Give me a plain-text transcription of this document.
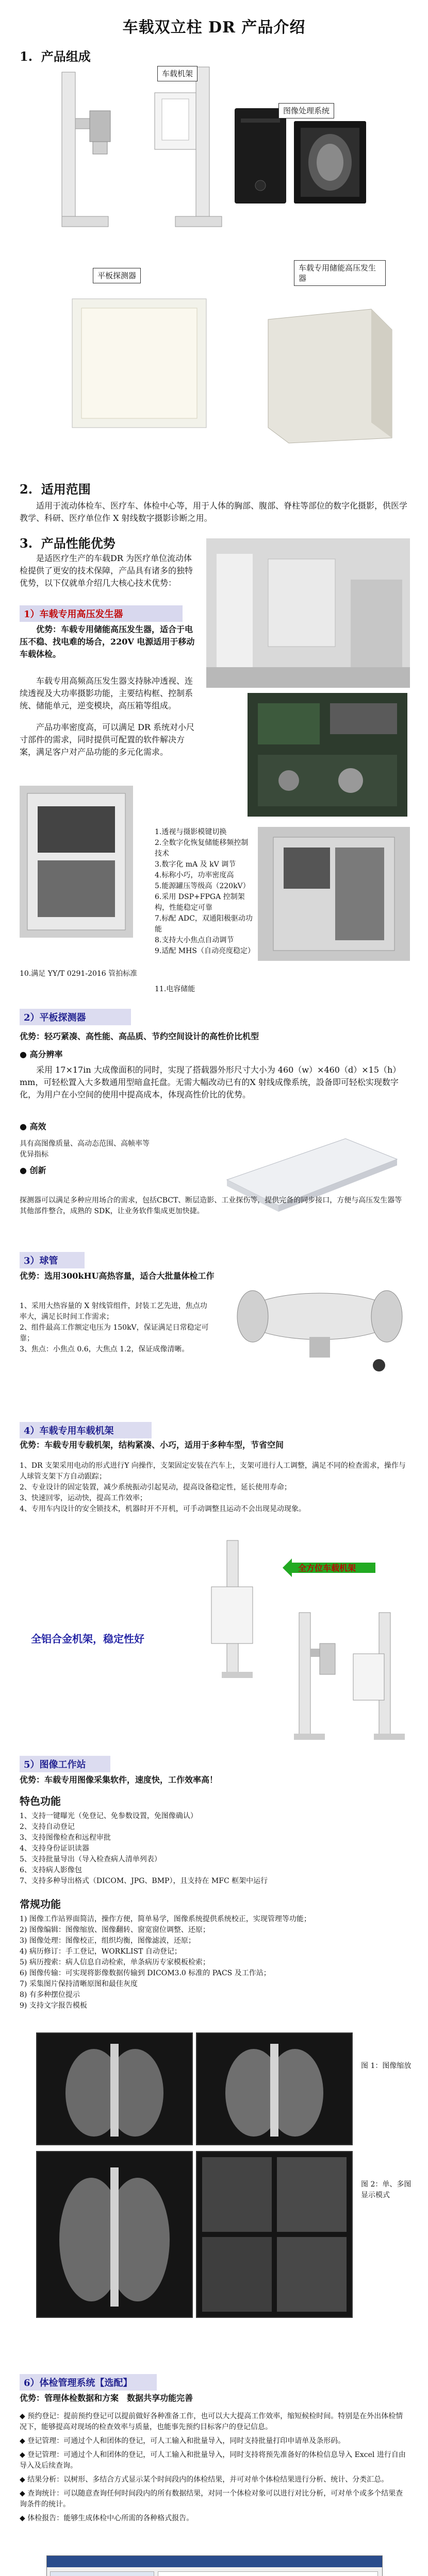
车载双立柱 DR 产品介绍
1. 产品组成
车载机架
图像处理系统
平板探测器
车载专用储能高压发生器
2. 适用范围
适用于流动体检车、医疗车、体检中心等，用于人体的胸部、腹部、脊柱等部位的数字化摄影，供医学教学、科研、医疗单位作 X 射线数字摄影诊断之用。
3. 产品性能优势
是适医疗生产的车载DR 为医疗单位流动体检提供了更安的技术保障，产品具有诸多的独特优势，以下仅就单介绍几大核心技术优势：
1）车载专用高压发生器
优势：车载专用储能高压发生器，适合于电压不稳、找电难的场合，220V 电源适用于移动车载体检。
车载专用高频高压发生器支持脉冲透视、连续透视及大功率摄影功能，主要结构框、控制系统、储能单元，逆变模块，高压箱等组成。
产品功率密度高，可以满足 DR 系统对小尺寸部件的需求，同时提供可配置的软件解决方案，满足客户对产品功能的多元化需求。
1.透视与摄影模键切换
2.全数字化恢复储能移频控制技术
3.数字化 mA 及 kV 调节
4.标称小巧，功率密度高
5.能源罐压等级高（220kV）
6.采用 DSP+FPGA 控制架构，性能稳定可靠
7.标配 ADC，双通阳极驱动功能
8.支持大小焦点自动调节
9.适配 MHS（自动亮度稳定）
10.满足 YY/T 0291-2016 管拍标准
11.电容储能
2）平板探测器
优势：轻巧紧凑、高性能、高品质、节约空间设计的高性价比机型
● 高分辨率
采用 17×17in 大成像面积的同时，实现了搭载器外形尺寸大小为 460（w）×460（d）×15（h）mm，可轻松置入大多数通用型暗盒托盘。无需大幅改动已有的X 射线成像系统，設备即可轻松实现数字化，为用户在小空间的使用中提高成本，体现高性价比的优势。
● 高效
具有高图像质量、高动态范围、高帧率等优异指标
● 创新
探测器可以满足多种应用场合的需求，包括CBCT、断层造影、工业探伤等，提供完备的同步接口，方便与高压发生器等其他部件整合，成熟的 SDK，让业务软件集成更加快捷。
3）球管
优势：选用300kHU高热容量，适合大批量体检工作
1、采用大热容量的 X 射线管组件，封装工艺先进，焦点功率大，满足长时间工作需求；
2、组件最高工作额定电压为 150kV，保证满足日常稳定可靠；
3、焦点：小焦点 0.6，大焦点 1.2，保证成像清晰。
4）车载专用车载机架
优势：车载专用专载机架，结构紧凑、小巧，适用于多种车型，节省空间
1、DR 支架采用电动的形式进行Y 向操作，支架固定安装在汽车上，支架可进行人工调整，满足不同的检查需求，操作与人球管支架下方自动跟踪；
2、专业设计的固定装置，减少系统振动引起晃动，提高设备稳定性，延长使用寿命；
3、快速回零，运动快，提高工作效率；
4、专用车内设计的安全锁技术，机器时开不开机，可手动调整且运动不会出现晃动现象。
全方位车载机架
全铝合金机架，稳定性好
5）图像工作站
优势：车载专用图像采集软件，速度快，工作效率高！
特色功能
1、支持一键曝光（免登记、免参数设置，免图像确认）
2、支持自动登记
3、支持图像检查和远程审批
4、支持身份证识读器
5、支持批量导出（导入检查病人清单列表）
6、支持病人影像包
7、支持多种导出格式（DICOM、JPG、BMP），且支持在 MFC 框架中运行
常规功能
1) 图像工作站界面简洁，操作方便，简单易学，图像系统提供系统校正，实现管理等功能；
2) 图像编辑：图像缩放、图像翻转、窗宽窗位调整、还原；
3) 图像处理：图像校正，组织均衡，图像滤波，还原；
4) 病历修订：手工登记，WORKLIST 自动登记；
5) 病历搜索：病人信息自动检索，单条病历专家模板检索；
6) 图像传输：可实现将影像数据传输到 DICOM3.0 标准的 PACS 及工作站；
7) 采集图片保持清晰原图和最佳灰度
8) 有多种摆位提示
9) 支持文字报告模板
图 1：图像缩放
图 2：单、多图显示模式
6）体检管理系统【选配】
优势：管理体检数据和方案　数据共享功能完善

◆ 预约登记：提前预约登记可以提前做好各种准备工作，也可以大大提高工作效率，缩短候检时间。特别是在外出体检情况下，能够提高对现场的检查效率与质量，也能事先预约目标客户的登记信息。

◆ 登记管理：可通过个人和团体的登记，可人工输入和批量导入，同时支持批量打印申请单及条形码。

◆ 登记管理：可通过个人和团体的登记，可人工输入和批量导入，同时支持将预先准备好的体检信息导入 Excel 进行自由导入及后续查询。

◆ 结果分析：以树形、多结合方式显示某个时间段内的体检结果，并可对单个体检结果进行分析、统计、分类汇总。

◆ 查询统计：可以随意查询任何时间段内的所有数据结果，对同一个体检对象可以进行对比分析，可对单个或多个结果查询条件的统计。

◆ 体检报告：能够生成体检中心所需的各种格式报告。
